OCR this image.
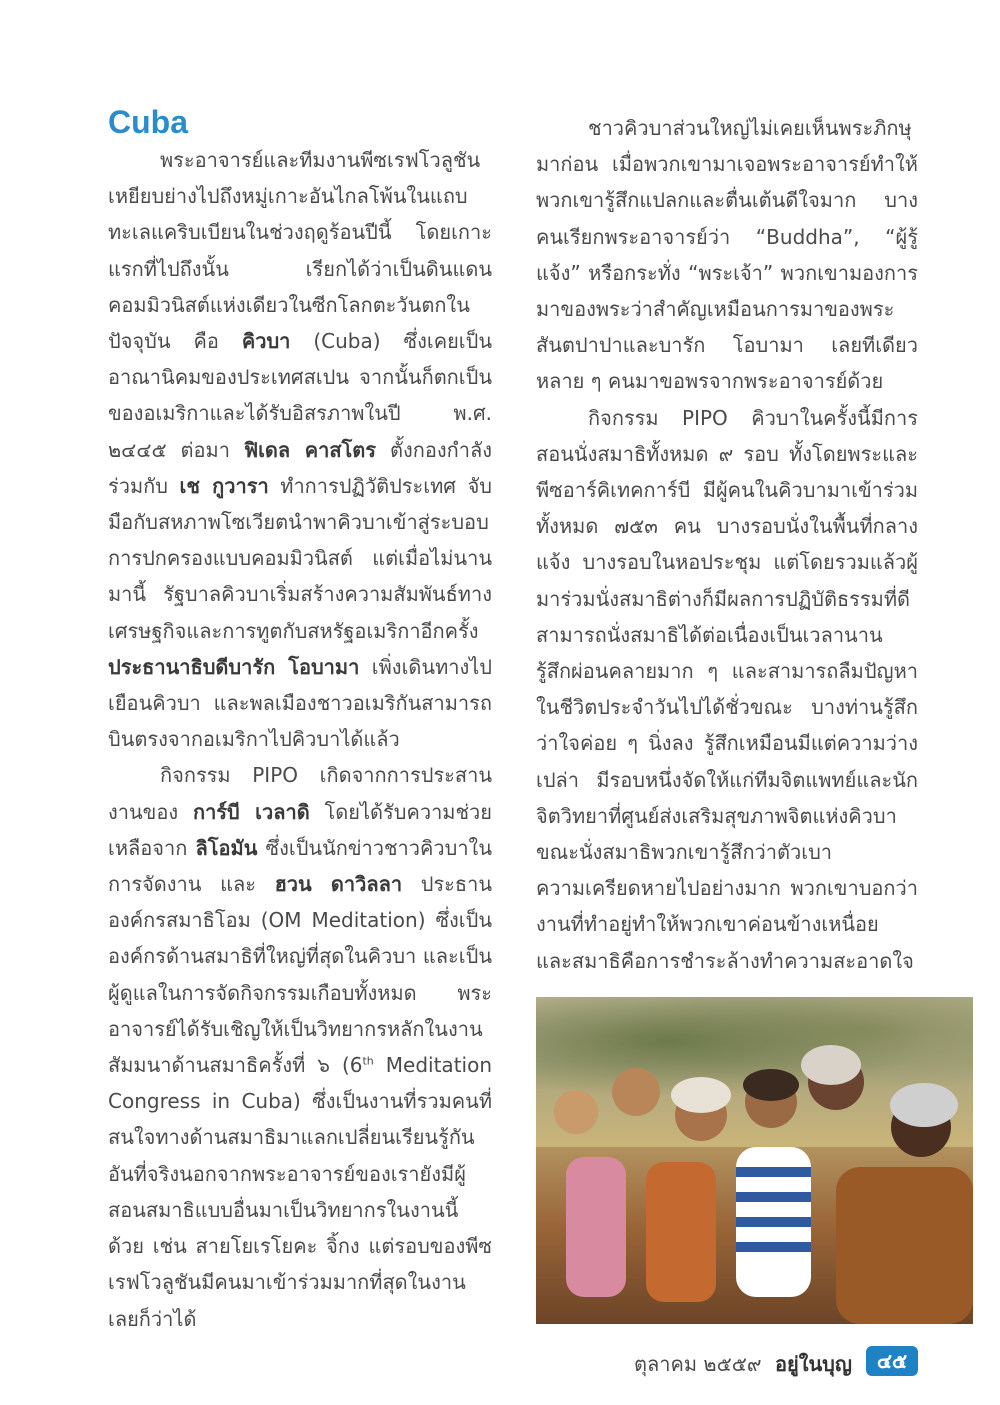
Cuba

พระอาจารย์และทีมงานพีซเรฟโวลูชันเหยียบย่างไปถึงหมู่เกาะอันไกลโพ้นในแถบทะเลแคริบเบียนในช่วงฤดูร้อนปีนี้ โดยเกาะแรกที่ไปถึงนั้น เรียกได้ว่าเป็นดินแดนคอมมิวนิสต์แห่งเดียวในซีกโลกตะวันตกในปัจจุบัน คือ คิวบา (Cuba) ซึ่งเคยเป็นอาณานิคมของประเทศสเปน จากนั้นก็ตกเป็นของอเมริกาและได้รับอิสรภาพในปี พ.ศ. ๒๔๔๕ ต่อมา ฟิเดล คาสโตร ตั้งกองกำลังร่วมกับ เช กูวารา ทำการปฏิวัติประเทศ จับมือกับสหภาพโซเวียตนำพาคิวบาเข้าสู่ระบอบการปกครองแบบคอมมิวนิสต์ แต่เมื่อไม่นานมานี้ รัฐบาลคิวบาเริ่มสร้างความสัมพันธ์ทางเศรษฐกิจและการทูตกับสหรัฐอเมริกาอีกครั้ง ประธานาธิบดีบารัก โอบามา เพิ่งเดินทางไปเยือนคิวบา และพลเมืองชาวอเมริกันสามารถบินตรงจากอเมริกาไปคิวบาได้แล้ว

กิจกรรม PIPO เกิดจากการประสานงานของ การ์บี เวลาดิ โดยได้รับความช่วยเหลือจาก ลิโอมัน ซึ่งเป็นนักข่าวชาวคิวบาในการจัดงาน และ ฮวน ดาวิลลา ประธานองค์กรสมาธิโอม (OM Meditation) ซึ่งเป็นองค์กรด้านสมาธิที่ใหญ่ที่สุดในคิวบา และเป็นผู้ดูแลในการจัดกิจกรรมเกือบทั้งหมด พระอาจารย์ได้รับเชิญให้เป็นวิทยากรหลักในงานสัมมนาด้านสมาธิครั้งที่ ๖ (6th Meditation Congress in Cuba) ซึ่งเป็นงานที่รวมคนที่สนใจทางด้านสมาธิมาแลกเปลี่ยนเรียนรู้กัน อันที่จริงนอกจากพระอาจารย์ของเรายังมีผู้สอนสมาธิแบบอื่นมาเป็นวิทยากรในงานนี้ด้วย เช่น สายโยเรโยคะ จิ้กง แต่รอบของพีซเรฟโวลูชันมีคนมาเข้าร่วมมากที่สุดในงานเลยก็ว่าได้

ชาวคิวบาส่วนใหญ่ไม่เคยเห็นพระภิกษุมาก่อน เมื่อพวกเขามาเจอพระอาจารย์ทำให้พวกเขารู้สึกแปลกและตื่นเต้นดีใจมาก บางคนเรียกพระอาจารย์ว่า “Buddha”, “ผู้รู้แจ้ง” หรือกระทั่ง “พระเจ้า” พวกเขามองการมาของพระว่าสำคัญเหมือนการมาของพระสันตปาปาและบารัก โอบามา เลยทีเดียว หลาย ๆ คนมาขอพรจากพระอาจารย์ด้วย

กิจกรรม PIPO คิวบาในครั้งนี้มีการสอนนั่งสมาธิทั้งหมด ๙ รอบ ทั้งโดยพระและพีซอาร์คิเทคการ์บี มีผู้คนในคิวบามาเข้าร่วมทั้งหมด ๗๕๓ คน บางรอบนั่งในพื้นที่กลางแจ้ง บางรอบในหอประชุม แต่โดยรวมแล้วผู้มาร่วมนั่งสมาธิต่างก็มีผลการปฏิบัติธรรมที่ดี สามารถนั่งสมาธิได้ต่อเนื่องเป็นเวลานาน รู้สึกผ่อนคลายมาก ๆ และสามารถลืมปัญหาในชีวิตประจำวันไปได้ชั่วขณะ บางท่านรู้สึกว่าใจค่อย ๆ นิ่งลง รู้สึกเหมือนมีแต่ความว่างเปล่า มีรอบหนึ่งจัดให้แก่ทีมจิตแพทย์และนักจิตวิทยาที่ศูนย์ส่งเสริมสุขภาพจิตแห่งคิวบา ขณะนั่งสมาธิพวกเขารู้สึกว่าตัวเบาความเครียดหายไปอย่างมาก พวกเขาบอกว่างานที่ทำอยู่ทำให้พวกเขาค่อนข้างเหนื่อย และสมาธิคือการชำระล้างทำความสะอาดใจ

ตุลาคม ๒๕๕๙ อยู่ในบุญ	๔๕
